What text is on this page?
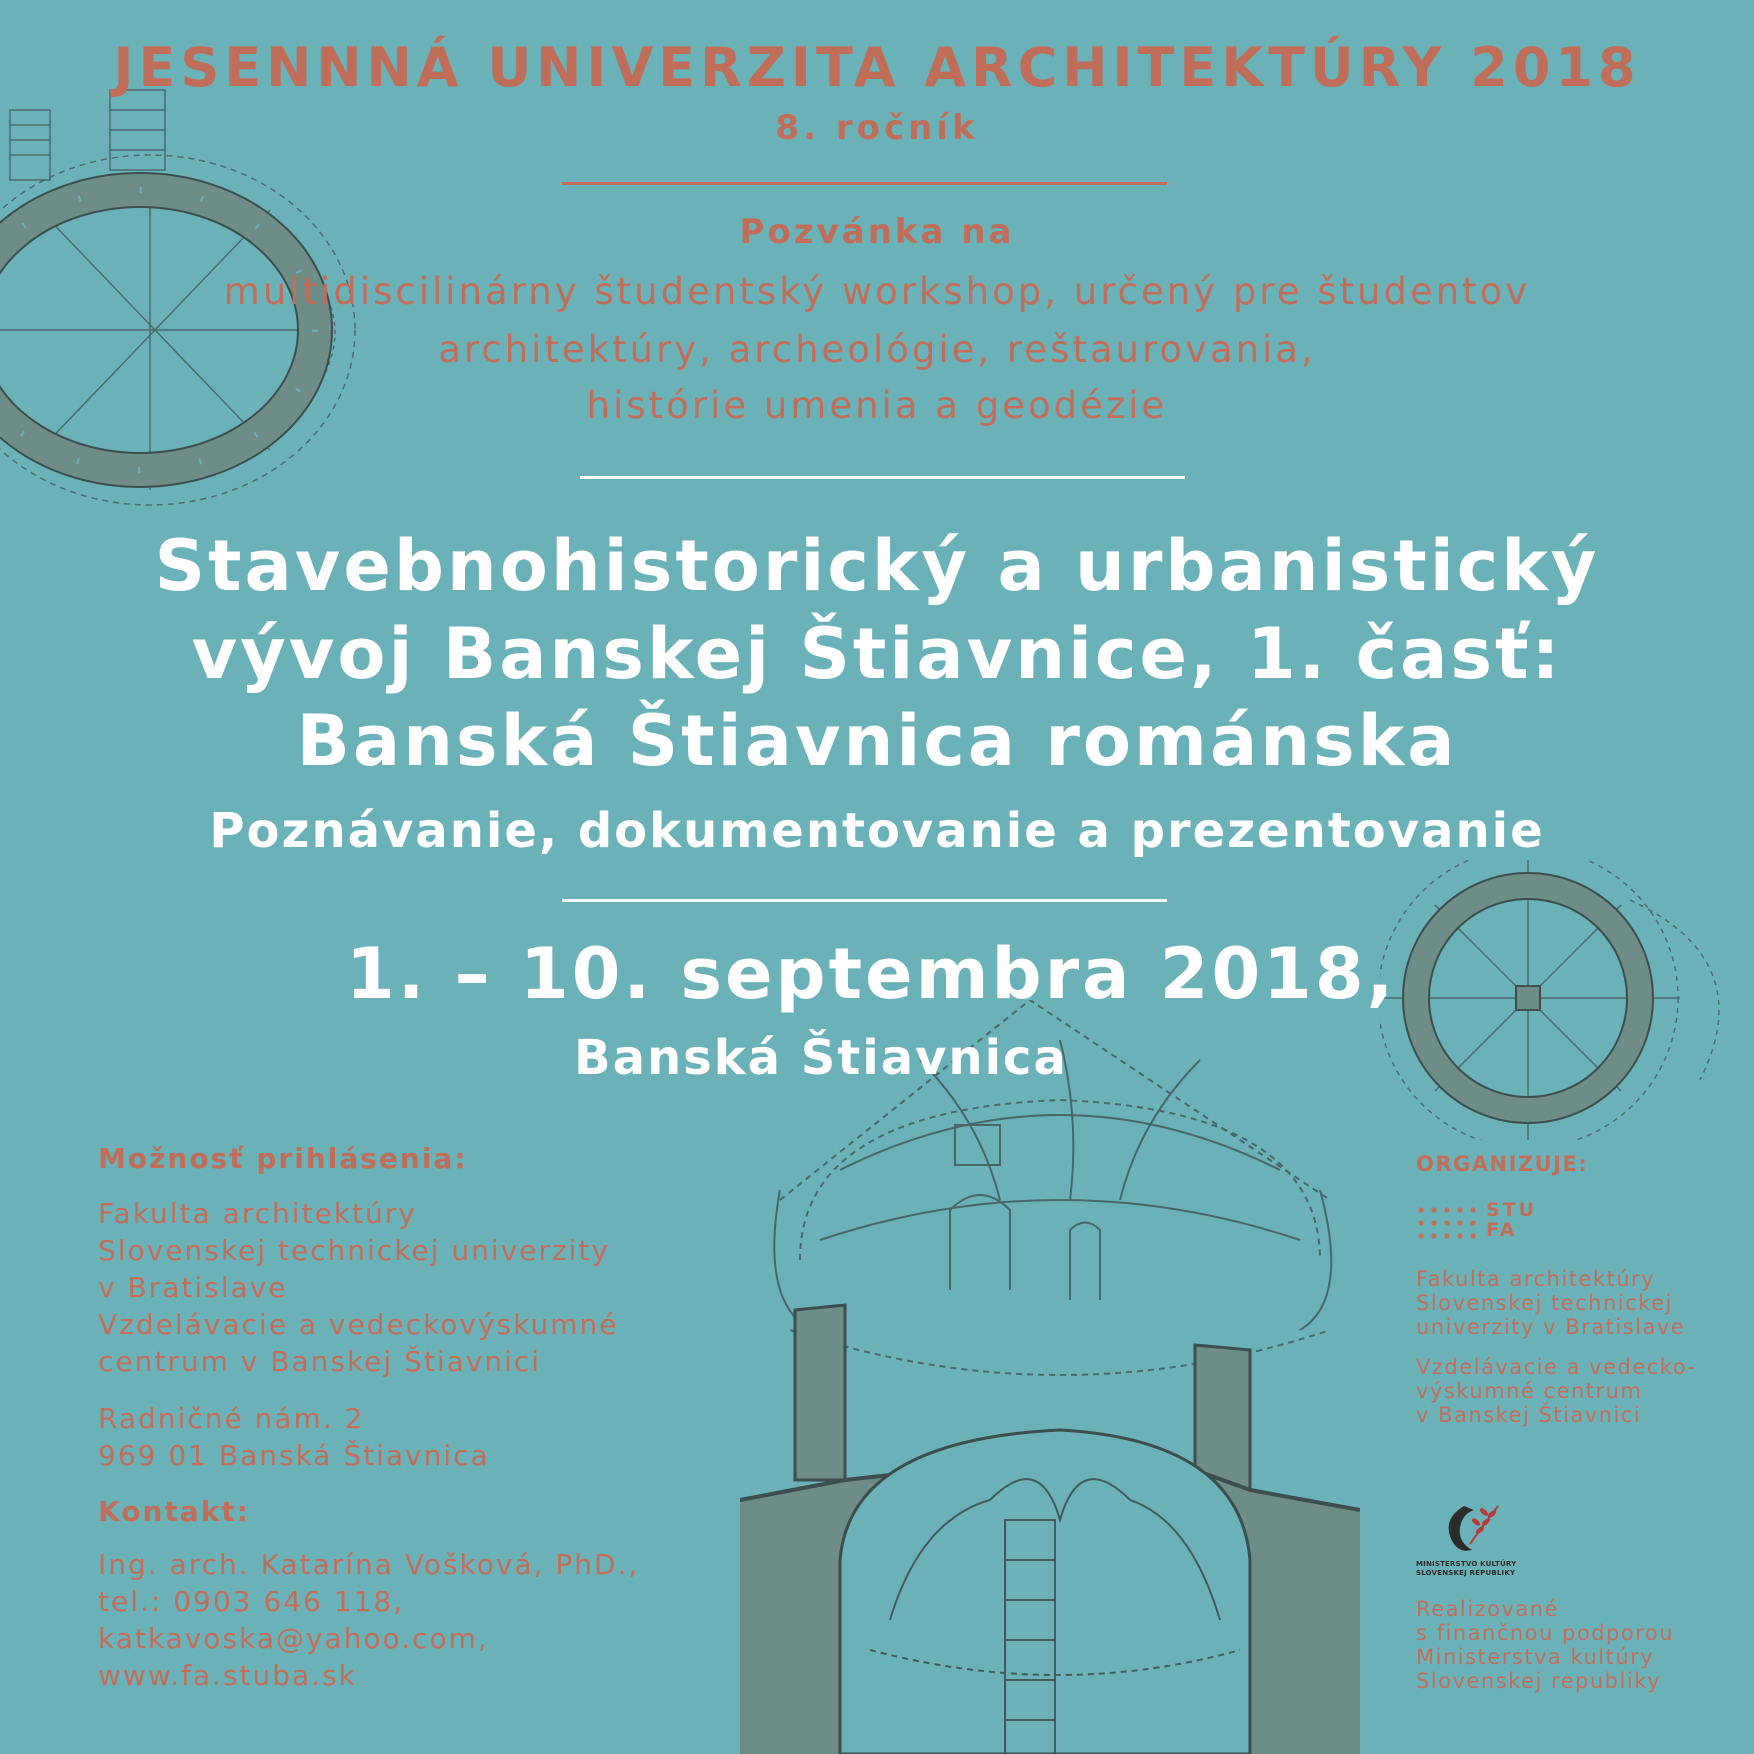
JESENNNÁ UNIVERZITA ARCHITEKTÚRY 2018
8. ročník
Pozvánka na
multidiscilinárny študentský workshop, určený pre študentov
architektúry, archeológie, reštaurovania,
histórie umenia a geodézie
Stavebnohistorický a urbanistický
vývoj Banskej Štiavnice, 1. časť:
Banská Štiavnica románska
Poznávanie, dokumentovanie a prezentovanie
1. – 10. septembra 2018,
Banská Štiavnica
Možnosť prihlásenia:
Fakulta architektúry
Slovenskej technickej univerzity
v Bratislave
Vzdelávacie a vedeckovýskumné
centrum v Banskej Štiavnici
Radničné nám. 2
969 01 Banská Štiavnica
Kontakt:
Ing. arch. Katarína Vošková, PhD.,
tel.: 0903 646 118,
katkavoska@yahoo.com,
www.fa.stuba.sk
ORGANIZUJE:
STU
FA
Fakulta architektúry
Slovenskej technickej
univerzity v Bratislave
Vzdelávacie a vedecko-
výskumné centrum
v Banskej Štiavnici
MINISTERSTVO KULTÚRY
SLOVENSKEJ REPUBLIKY
Realizované
s finančnou podporou
Ministerstva kultúry
Slovenskej republiky
